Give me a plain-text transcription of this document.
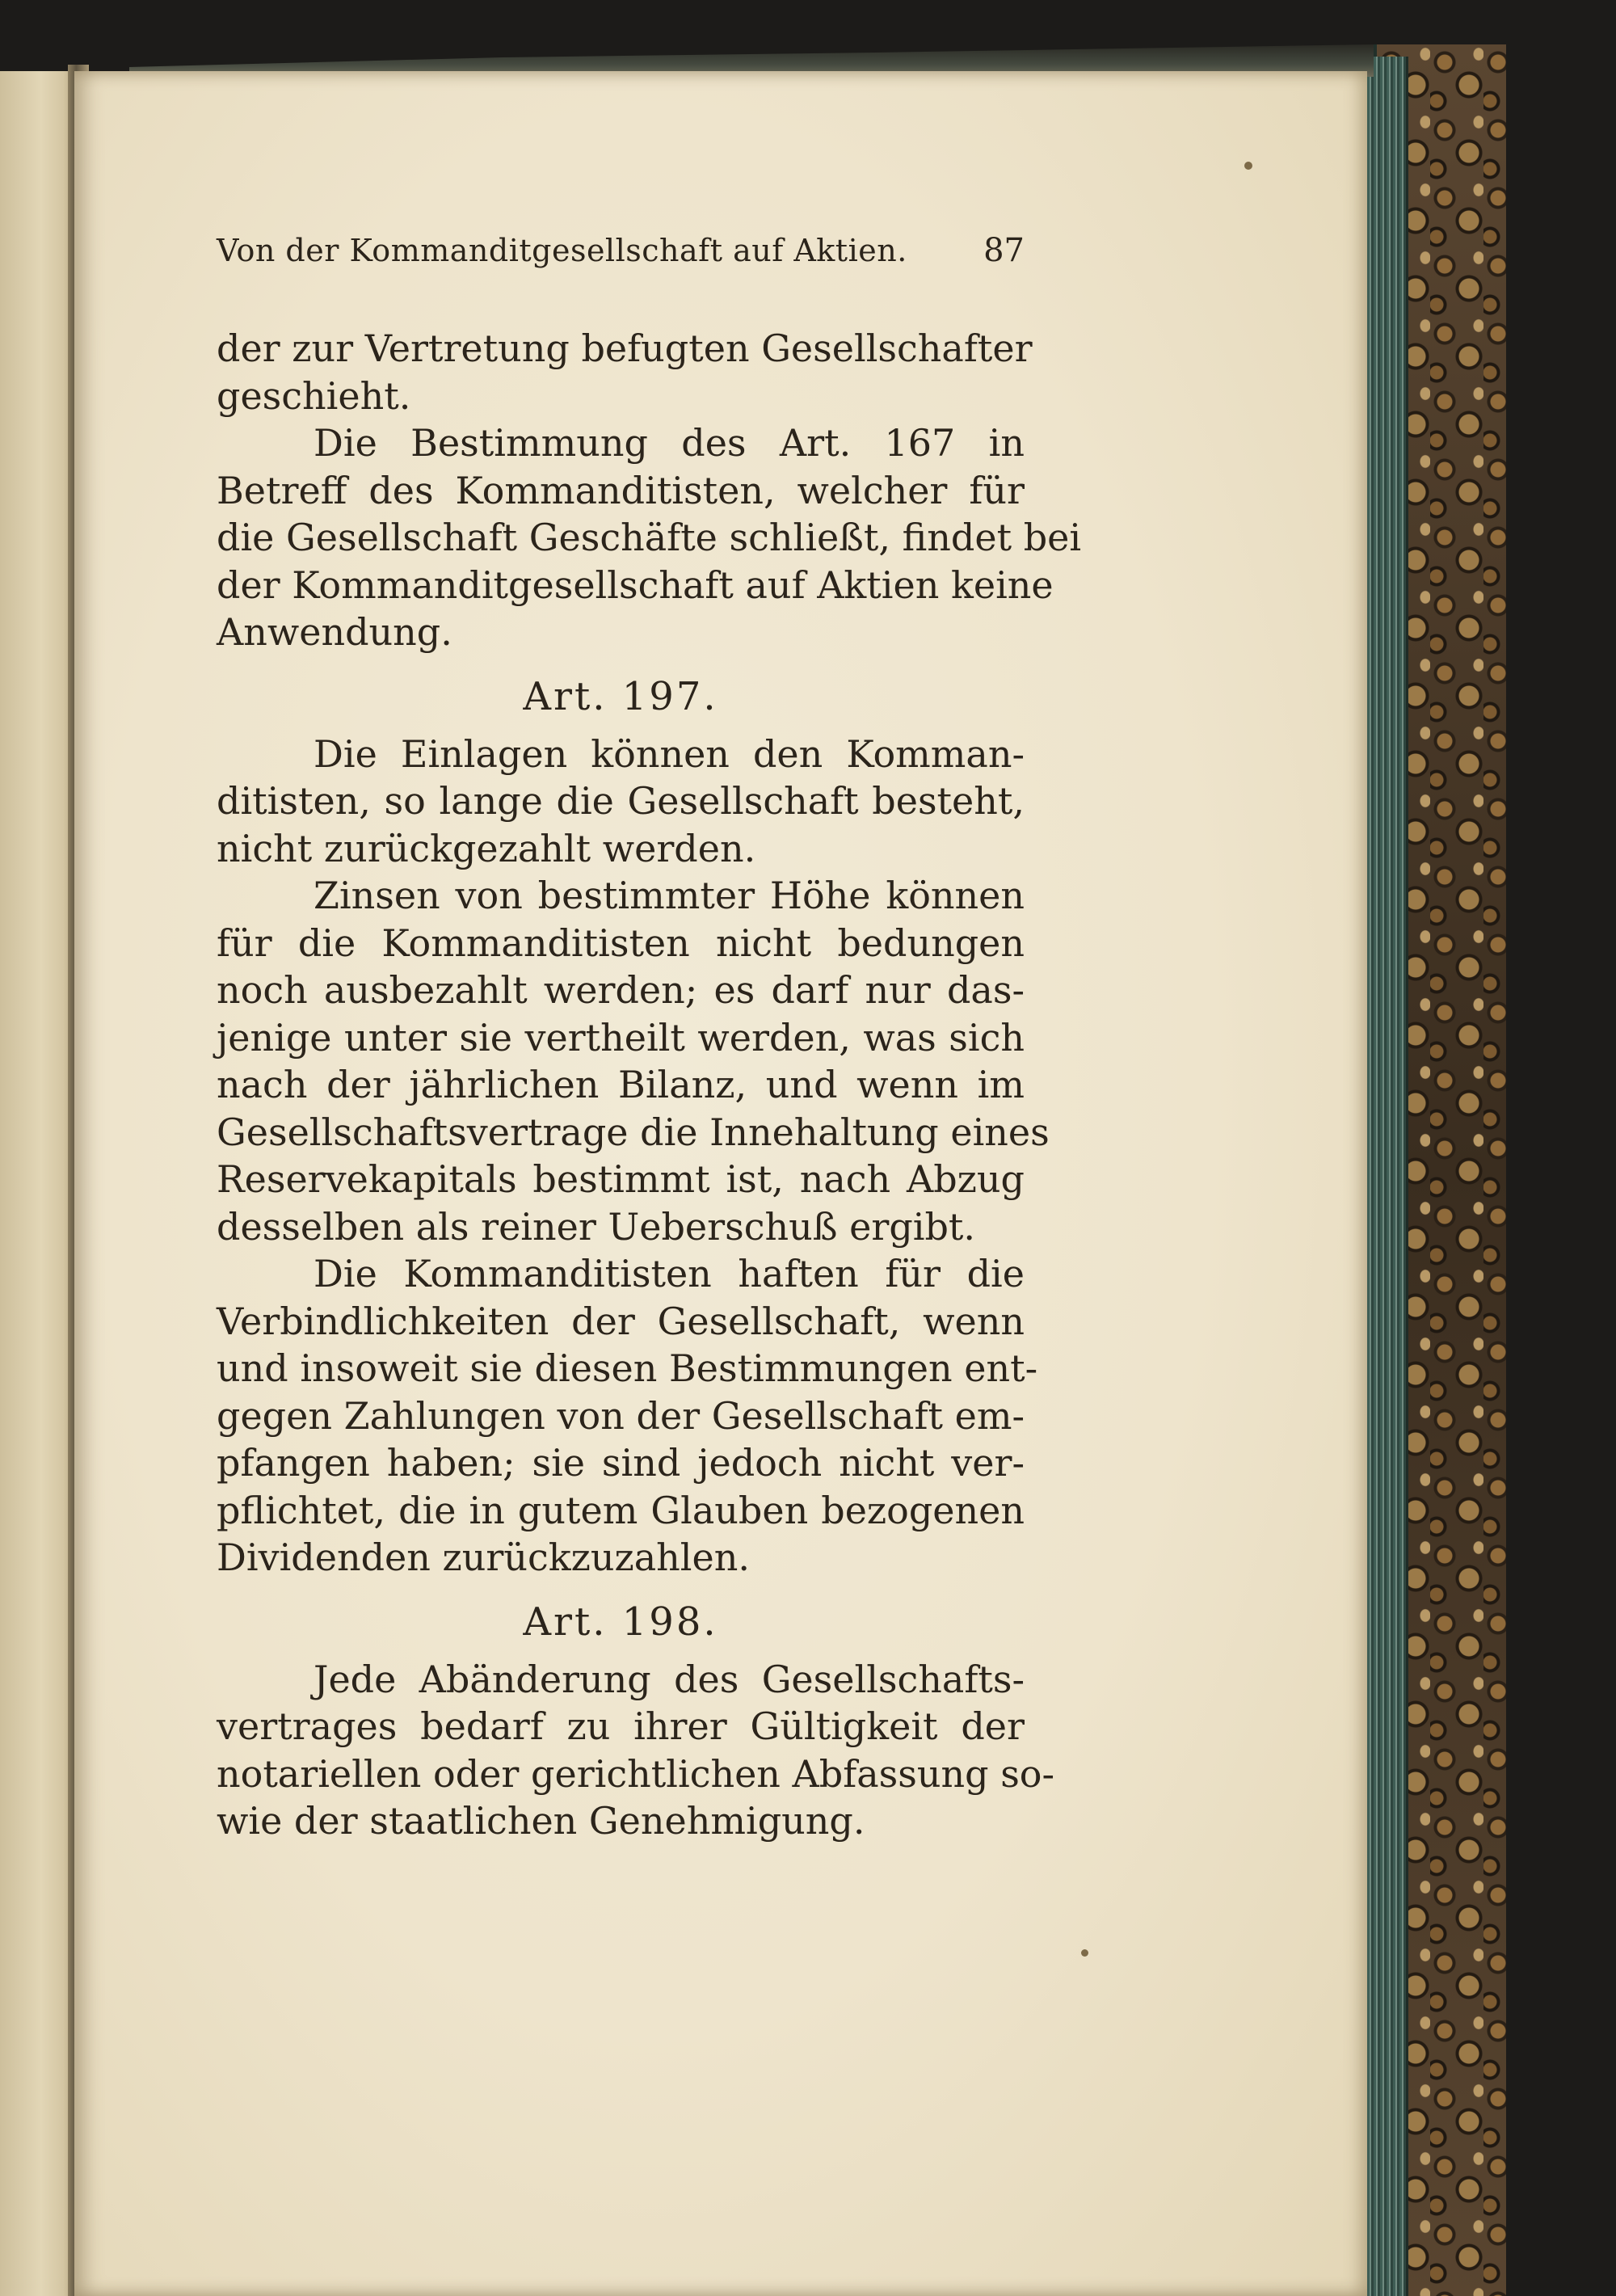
Von der Kommanditgesellschaft auf Aktien. 87
der zur Vertretung befugten Gesellschafter
geschieht.
Die Bestimmung des Art. 167 in
Betreff des Kommanditisten, welcher für
die Gesellschaft Geschäfte schließt, findet bei
der Kommanditgesellschaft auf Aktien keine
Anwendung.
Art. 197.
Die Einlagen können den Komman-
ditisten, so lange die Gesellschaft besteht,
nicht zurückgezahlt werden.
Zinsen von bestimmter Höhe können
für die Kommanditisten nicht bedungen
noch ausbezahlt werden; es darf nur das-
jenige unter sie vertheilt werden, was sich
nach der jährlichen Bilanz, und wenn im
Gesellschaftsvertrage die Innehaltung eines
Reservekapitals bestimmt ist, nach Abzug
desselben als reiner Ueberschuß ergibt.
Die Kommanditisten haften für die
Verbindlichkeiten der Gesellschaft, wenn
und insoweit sie diesen Bestimmungen ent-
gegen Zahlungen von der Gesellschaft em-
pfangen haben; sie sind jedoch nicht ver-
pflichtet, die in gutem Glauben bezogenen
Dividenden zurückzuzahlen.
Art. 198.
Jede Abänderung des Gesellschafts-
vertrages bedarf zu ihrer Gültigkeit der
notariellen oder gerichtlichen Abfassung so-
wie der staatlichen Genehmigung.
